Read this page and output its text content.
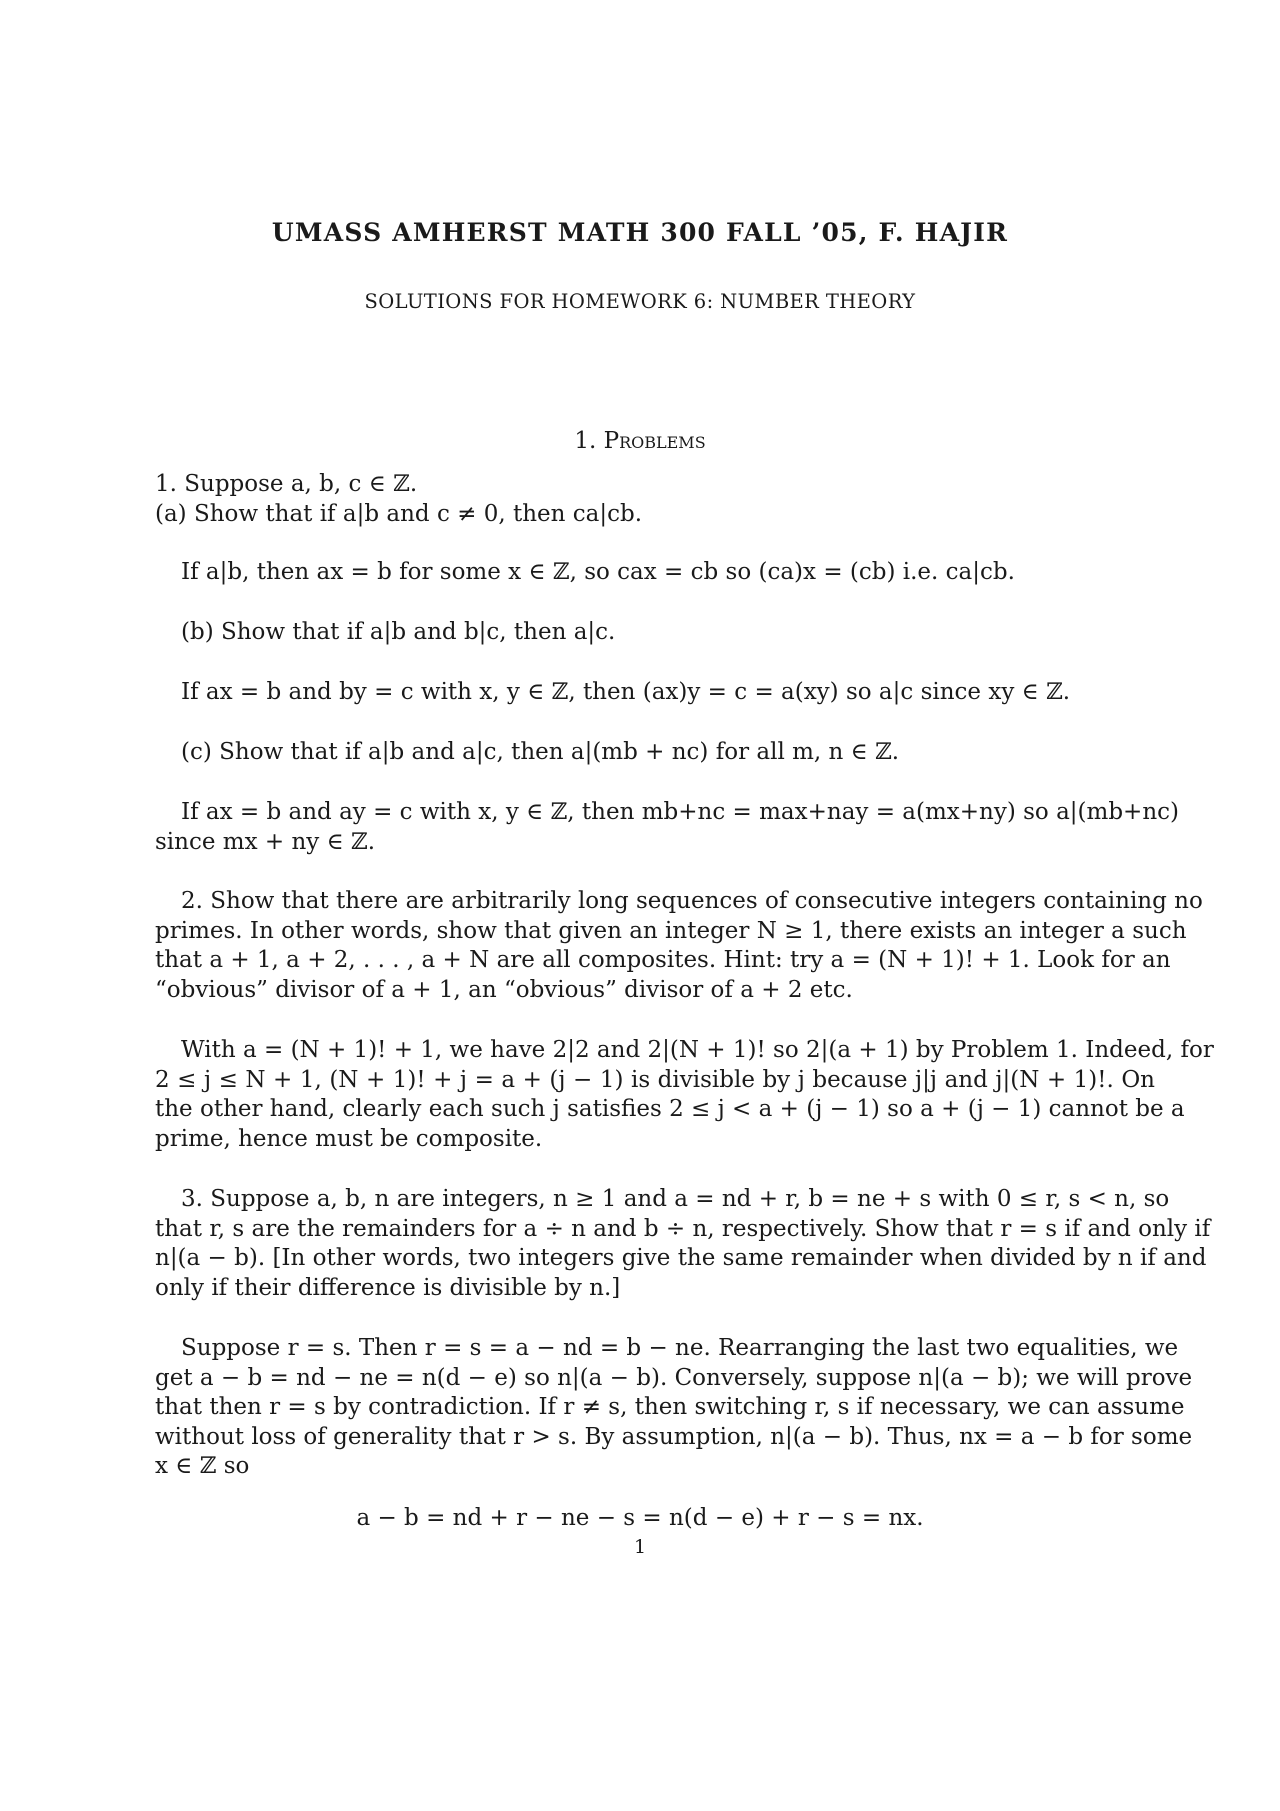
UMASS AMHERST MATH 300 FALL ’05, F. HAJIR
SOLUTIONS FOR HOMEWORK 6: NUMBER THEORY
1. Problems
1. Suppose a, b, c ∈ ℤ.
(a) Show that if a|b and c ≠ 0, then ca|cb.
If a|b, then ax = b for some x ∈ ℤ, so cax = cb so (ca)x = (cb) i.e. ca|cb.
(b) Show that if a|b and b|c, then a|c.
If ax = b and by = c with x, y ∈ ℤ, then (ax)y = c = a(xy) so a|c since xy ∈ ℤ.
(c) Show that if a|b and a|c, then a|(mb + nc) for all m, n ∈ ℤ.
If ax = b and ay = c with x, y ∈ ℤ, then mb+nc = max+nay = a(mx+ny) so a|(mb+nc)
since mx + ny ∈ ℤ.
2. Show that there are arbitrarily long sequences of consecutive integers containing no
primes. In other words, show that given an integer N ≥ 1, there exists an integer a such
that a + 1, a + 2, . . . , a + N are all composites. Hint: try a = (N + 1)! + 1. Look for an
“obvious” divisor of a + 1, an “obvious” divisor of a + 2 etc.
With a = (N + 1)! + 1, we have 2|2 and 2|(N + 1)! so 2|(a + 1) by Problem 1. Indeed, for
2 ≤ j ≤ N + 1, (N + 1)! + j = a + (j − 1) is divisible by j because j|j and j|(N + 1)!. On
the other hand, clearly each such j satisfies 2 ≤ j < a + (j − 1) so a + (j − 1) cannot be a
prime, hence must be composite.
3. Suppose a, b, n are integers, n ≥ 1 and a = nd + r, b = ne + s with 0 ≤ r, s < n, so
that r, s are the remainders for a ÷ n and b ÷ n, respectively. Show that r = s if and only if
n|(a − b). [In other words, two integers give the same remainder when divided by n if and
only if their difference is divisible by n.]
Suppose r = s. Then r = s = a − nd = b − ne. Rearranging the last two equalities, we
get a − b = nd − ne = n(d − e) so n|(a − b). Conversely, suppose n|(a − b); we will prove
that then r = s by contradiction. If r ≠ s, then switching r, s if necessary, we can assume
without loss of generality that r > s. By assumption, n|(a − b). Thus, nx = a − b for some
x ∈ ℤ so
a − b = nd + r − ne − s = n(d − e) + r − s = nx.
1
